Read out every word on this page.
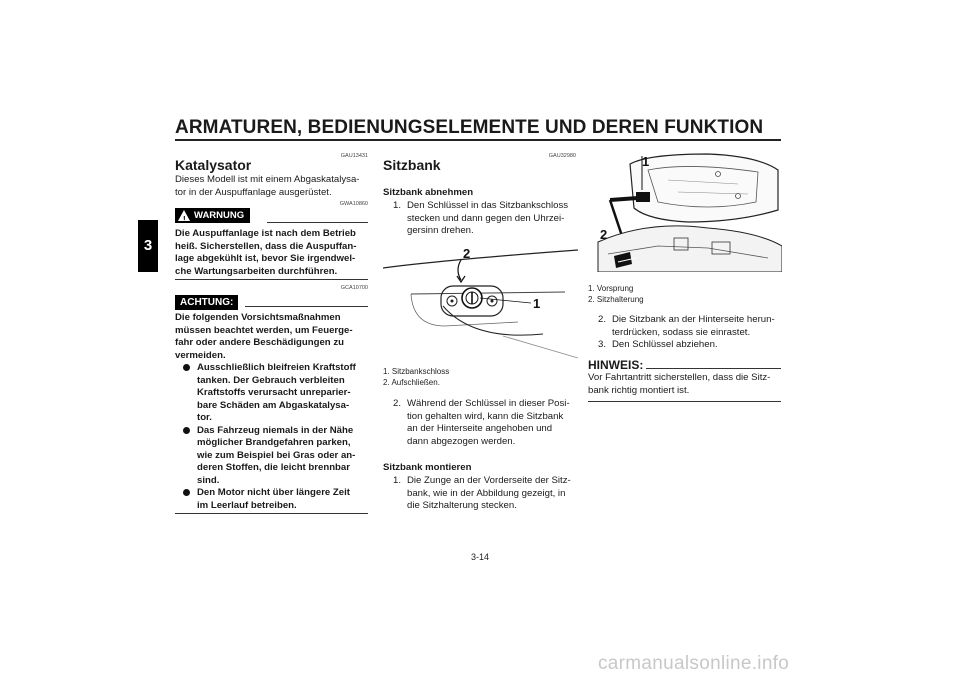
ARMATUREN, BEDIENUNGSELEMENTE UND DEREN FUNKTION
3
GAU13431
Katalysator

Dieses Modell ist mit einem Abgaskatalysa-

tor in der Auspuffanlage ausgerüstet.

GWA10860
! WARNUNG

Die Auspuffanlage ist nach dem Betrieb

heiß. Sicherstellen, dass die Auspuffan-

lage abgekühlt ist, bevor Sie irgendwel-

che Wartungsarbeiten durchführen.

GCA10700
ACHTUNG:

Die folgenden Vorsichtsmaßnahmen

müssen beachtet werden, um Feuerge-

fahr oder andere Beschädigungen zu

vermeiden.

Ausschließlich bleifreien Kraftstoff

tanken. Der Gebrauch verbleiten

Kraftstoffs verursacht unreparier-

bare Schäden am Abgaskatalysa-

tor.

Das Fahrzeug niemals in der Nähe

möglicher Brandgefahren parken,

wie zum Beispiel bei Gras oder an-

deren Stoffen, die leicht brennbar

sind.

Den Motor nicht über längere Zeit

im Leerlauf betreiben.

GAU32980
Sitzbank
Sitzbank abnehmen
1. Den Schlüssel in das Sitzbankschloss

stecken und dann gegen den Uhrzei-

gersinn drehen.

2
1

1. Sitzbankschloss

2. Aufschließen.

2. Während der Schlüssel in dieser Posi-

tion gehalten wird, kann die Sitzbank

an der Hinterseite angehoben und

dann abgezogen werden.

Sitzbank montieren
1. Die Zunge an der Vorderseite der Sitz-

bank, wie in der Abbildung gezeigt, in

die Sitzhalterung stecken.

1
2

1. Vorsprung

2. Sitzhalterung

2. Die Sitzbank an der Hinterseite herun-

terdrücken, sodass sie einrastet.

3. Den Schlüssel abziehen.

HINWEIS:

Vor Fahrtantritt sicherstellen, dass die Sitz-

bank richtig montiert ist.

3-14
carmanualsonline.info
